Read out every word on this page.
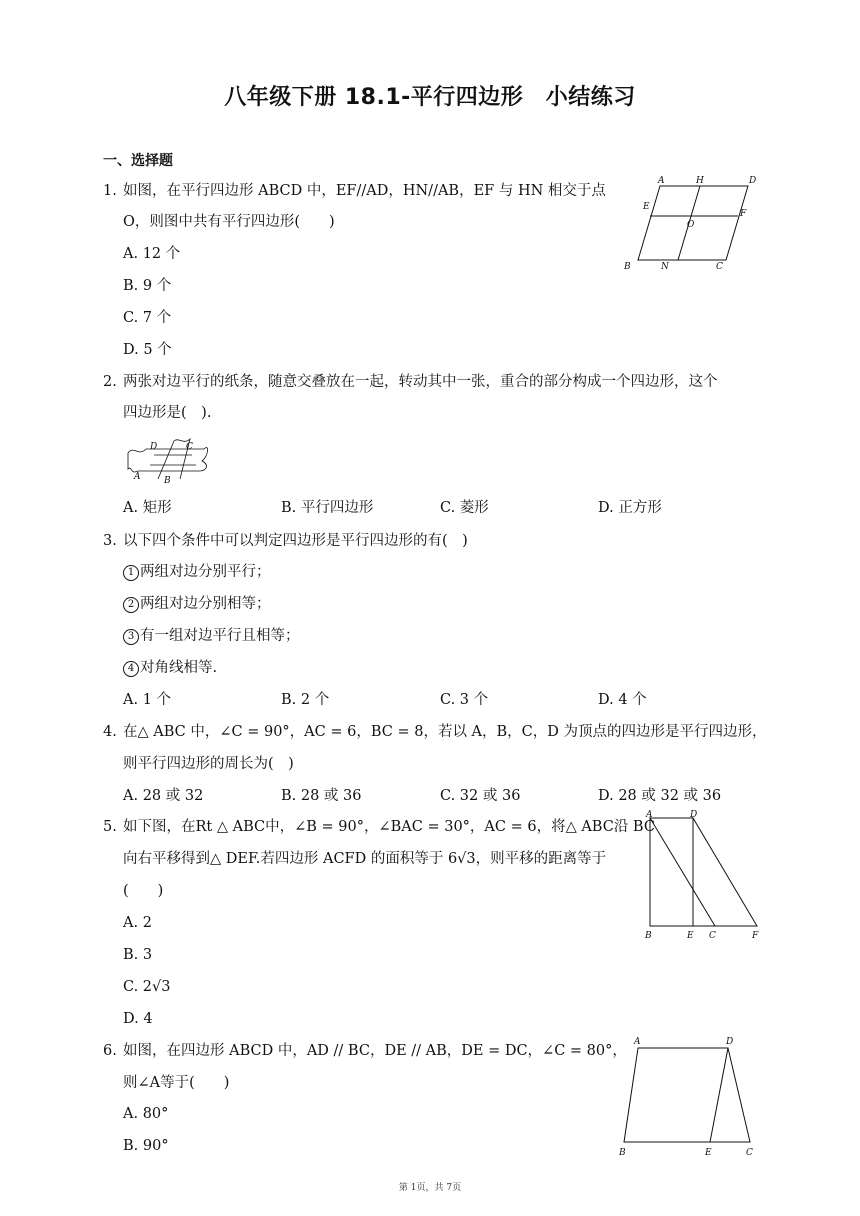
八年级下册 18.1-平行四边形　小结练习
一、选择题
1. 如图，在平行四边形 ABCD 中，EF//AD，HN//AB，EF 与 HN 相交于点
O，则图中共有平行四边形(　　)
A. 12 个
B. 9 个
C. 7 个
D. 5 个
A	H	D
E
O
F
B	N	C
2. 两张对边平行的纸条，随意交叠放在一起，转动其中一张，重合的部分构成一个四边形，这个
四边形是(　).
D	C
A	B
A. 矩形	B. 平行四边形	C. 菱形	D. 正方形
3. 以下四个条件中可以判定四边形是平行四边形的有(　)
1 两组对边分别平行；
2 两组对边分别相等；
3 有一组对边平行且相等；
4 对角线相等.
A. 1 个	B. 2 个	C. 3 个	D. 4 个
4. 在△ ABC 中，∠C = 90°，AC = 6，BC = 8，若以 A，B，C，D 为顶点的四边形是平行四边形，
则平行四边形的周长为(　)
A. 28 或 32	B. 28 或 36	C. 32 或 36	D. 28 或 32 或 36
5. 如下图，在Rt △ ABC中，∠B = 90°，∠BAC = 30°，AC = 6，将△ ABC沿 BC
向右平移得到△ DEF.若四边形 ACFD 的面积等于 6√3，则平移的距离等于
(　　)
A. 2
B. 3
C. 2√3
D. 4
A	D
B	E C	F
6. 如图，在四边形 ABCD 中，AD // BC，DE // AB，DE = DC，∠C = 80°，
则∠A等于(　　)
A. 80°
B. 90°
A	D
B	E	C
第 1页，共 7页
